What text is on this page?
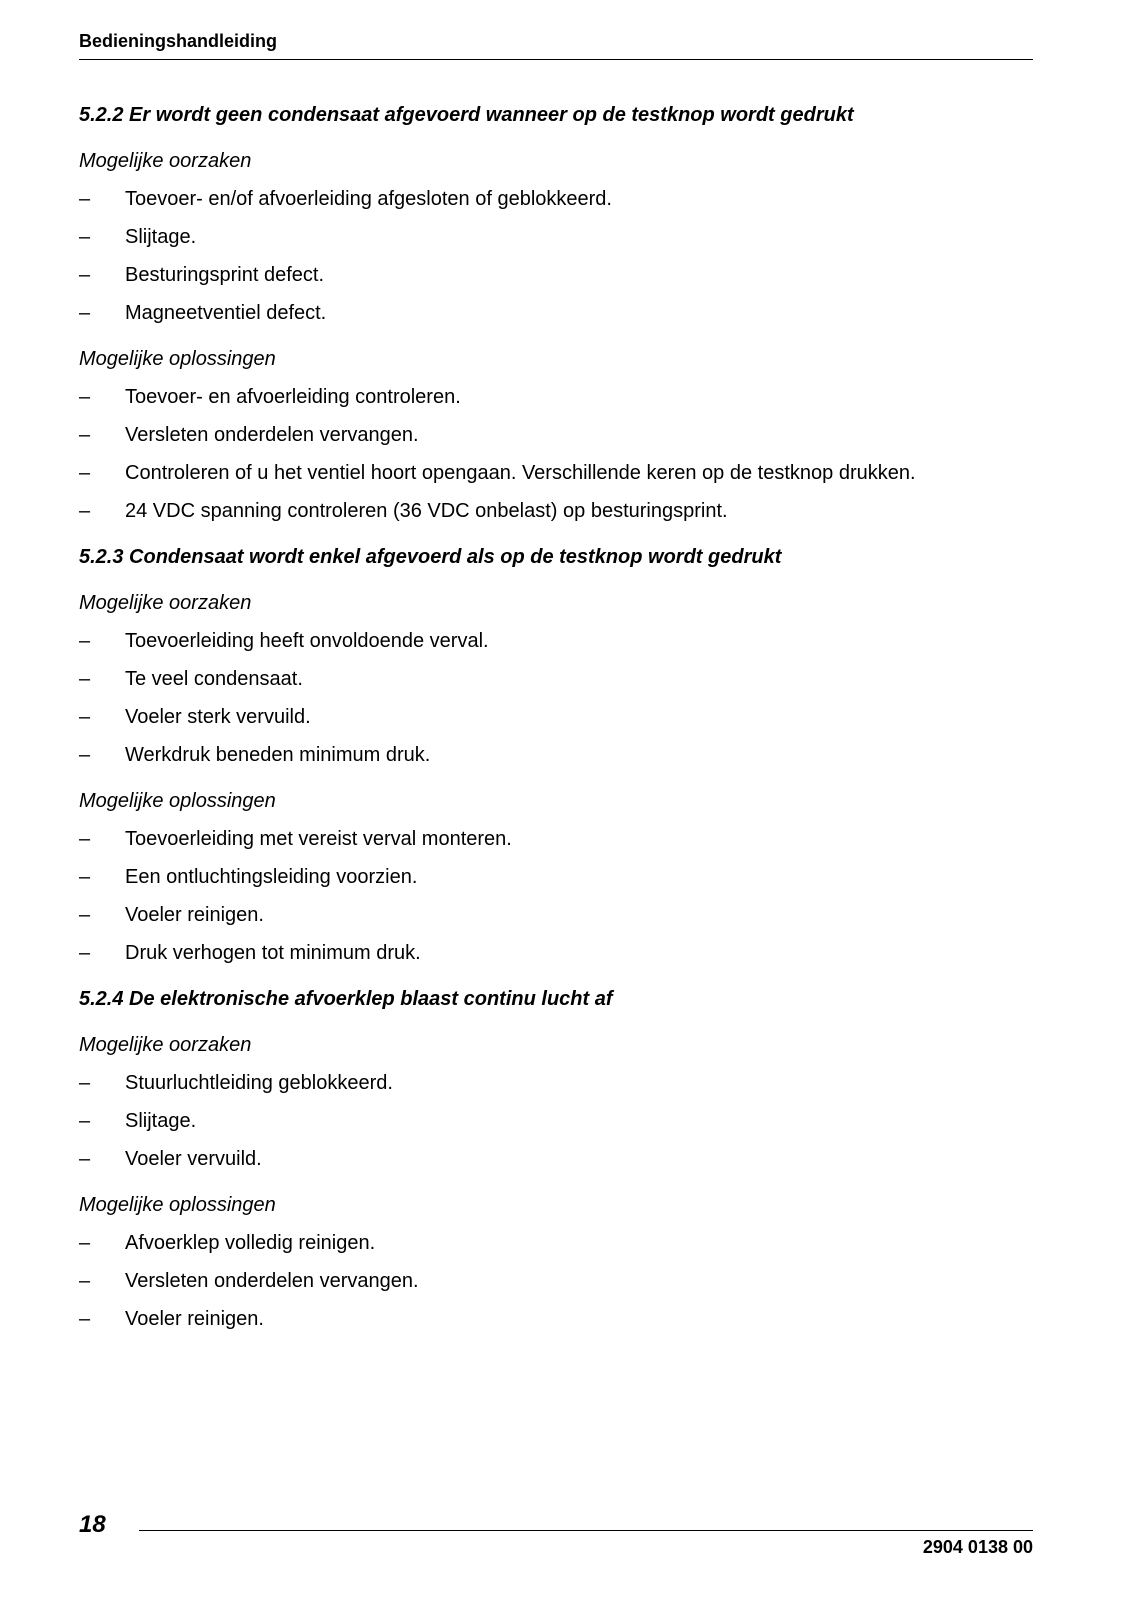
Bedieningshandleiding
5.2.2 Er wordt geen condensaat afgevoerd wanneer op de testknop wordt gedrukt
Mogelijke oorzaken
–	Toevoer- en/of afvoerleiding afgesloten of geblokkeerd.
–	Slijtage.
–	Besturingsprint defect.
–	Magneetventiel defect.
Mogelijke oplossingen
–	Toevoer- en afvoerleiding controleren.
–	Versleten onderdelen vervangen.
–	Controleren of u het ventiel hoort opengaan. Verschillende keren op de testknop drukken.
–	24 VDC spanning controleren (36 VDC onbelast) op besturingsprint.
5.2.3 Condensaat wordt enkel afgevoerd als op de testknop wordt gedrukt
Mogelijke oorzaken
–	Toevoerleiding heeft onvoldoende verval.
–	Te veel condensaat.
–	Voeler sterk vervuild.
–	Werkdruk beneden minimum druk.
Mogelijke oplossingen
–	Toevoerleiding met vereist verval monteren.
–	Een ontluchtingsleiding voorzien.
–	Voeler reinigen.
–	Druk verhogen tot minimum druk.
5.2.4 De elektronische afvoerklep blaast continu lucht af
Mogelijke oorzaken
–	Stuurluchtleiding geblokkeerd.
–	Slijtage.
–	Voeler vervuild.
Mogelijke oplossingen
–	Afvoerklep volledig reinigen.
–	Versleten onderdelen vervangen.
–	Voeler reinigen.
18
2904 0138 00
